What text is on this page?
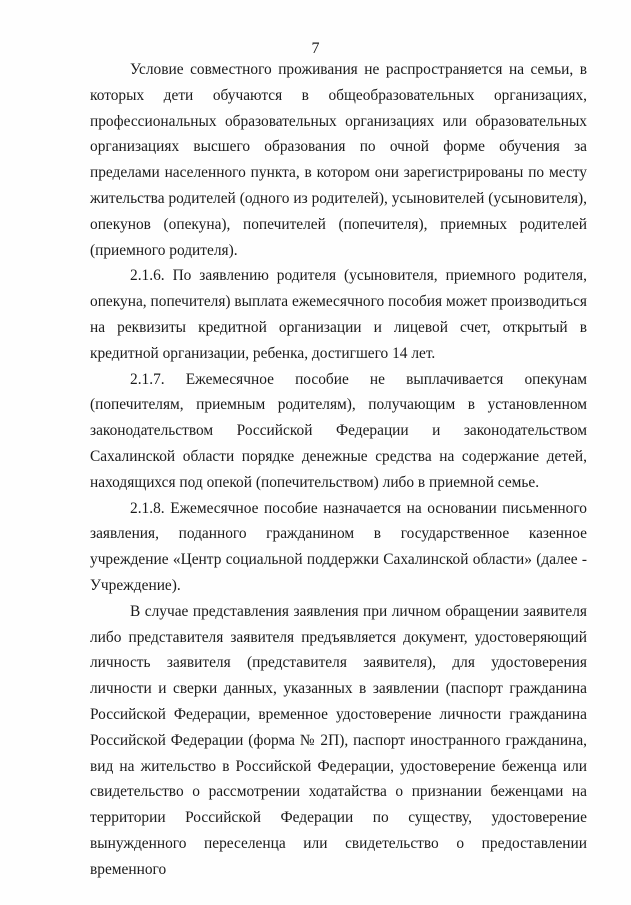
7

Условие совместного проживания не распространяется на семьи, в которых дети обучаются в общеобразовательных организациях, профессиональных образовательных организациях или образовательных организациях высшего образования по очной форме обучения за пределами населенного пункта, в котором они зарегистрированы по месту жительства родителей (одного из родителей), усыновителей (усыновителя), опекунов (опекуна), попечителей (попечителя), приемных родителей (приемного родителя).

2.1.6. По заявлению родителя (усыновителя, приемного родителя, опекуна, попечителя) выплата ежемесячного пособия может производиться на реквизиты кредитной организации и лицевой счет, открытый в кредитной организации, ребенка, достигшего 14 лет.

2.1.7. Ежемесячное пособие не выплачивается опекунам (попечителям, приемным родителям), получающим в установленном законодательством Российской Федерации и законодательством Сахалинской области порядке денежные средства на содержание детей, находящихся под опекой (попечительством) либо в приемной семье.

2.1.8. Ежемесячное пособие назначается на основании письменного заявления, поданного гражданином в государственное казенное учреждение «Центр социальной поддержки Сахалинской области» (далее - Учреждение).

В случае представления заявления при личном обращении заявителя либо представителя заявителя предъявляется документ, удостоверяющий личность заявителя (представителя заявителя), для удостоверения личности и сверки данных, указанных в заявлении (паспорт гражданина Российской Федерации, временное удостоверение личности гражданина Российской Федерации (форма № 2П), паспорт иностранного гражданина, вид на жительство в Российской Федерации, удостоверение беженца или свидетельство о рассмотрении ходатайства о признании беженцами на территории Российской Федерации по существу, удостоверение вынужденного переселенца или свидетельство о предоставлении временного
